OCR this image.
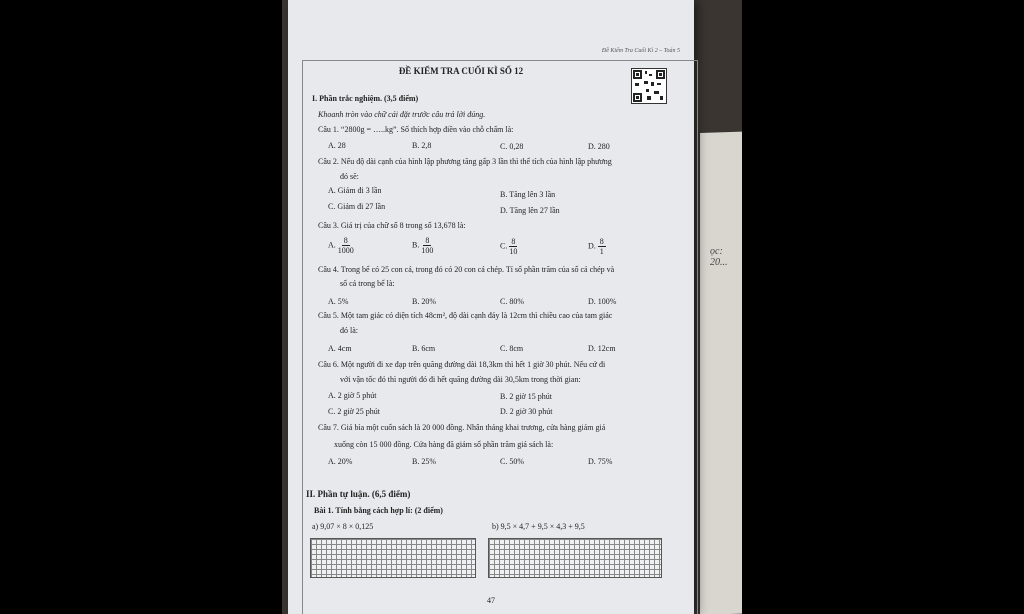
ọc: 20...
Đề Kiểm Tra Cuối Kì 2 – Toán 5
ĐỀ KIỂM TRA CUỐI KÌ SỐ 12
I. Phần trắc nghiệm. (3,5 điểm)
Khoanh tròn vào chữ cái đặt trước câu trả lời đúng.
Câu 1. “2800g = …..kg”. Số thích hợp điền vào chỗ chấm là:
A. 28	B. 2,8	C. 0,28	D. 280
Câu 2. Nếu độ dài cạnh của hình lập phương tăng gấp 3 lần thì thể tích của hình lập phương
đó sẽ:
A. Giảm đi 3 lần	B. Tăng lên 3 lần
C. Giảm đi 27 lần	D. Tăng lên 27 lần
Câu 3. Giá trị của chữ số 8 trong số 13,678 là:
A. $\frac{8}{1000}$	B. $\frac{8}{100}$	C. $\frac{8}{10}$	D. $\frac{8}{1}$
Câu 4. Trong bể có 25 con cá, trong đó có 20 con cá chép. Tỉ số phần trăm của số cá chép và
số cá trong bể là:
A. 5%	B. 20%	C. 80%	D. 100%
Câu 5. Một tam giác có diện tích 48cm², độ dài cạnh đáy là 12cm thì chiều cao của tam giác
đó là:
A. 4cm	B. 6cm	C. 8cm	D. 12cm
Câu 6. Một người đi xe đạp trên quãng đường dài 18,3km thì hết 1 giờ 30 phút. Nếu cứ đi
với vận tốc đó thì người đó đi hết quãng đường dài 30,5km trong thời gian:
A. 2 giờ 5 phút	B. 2 giờ 15 phút
C. 2 giờ 25 phút	D. 2 giờ 30 phút
Câu 7. Giá bìa một cuốn sách là 20 000 đồng. Nhân tháng khai trương, cửa hàng giảm giá
xuống còn 15 000 đồng. Cửa hàng đã giảm số phần trăm giá sách là:
A. 20%	B. 25%	C. 50%	D. 75%
II. Phần tự luận. (6,5 điểm)
Bài 1. Tính bằng cách hợp lí: (2 điểm)
a) 9,07 × 8 × 0,125	b) 9,5 × 4,7 + 9,5 × 4,3 + 9,5
47
